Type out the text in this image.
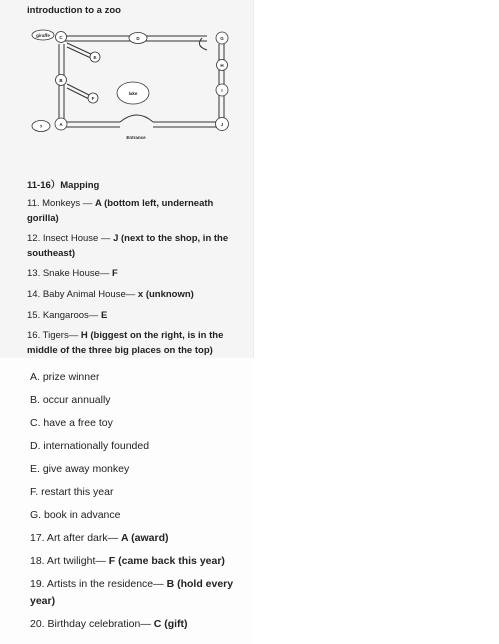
introduction to a zoo
giraffe C	D	G
E
H
B
F
lake
I
?	A	J
Entrance
11-16）Mapping
11. Monkeys — A (bottom left, underneath
gorilla)
12. Insect House — J (next to the shop, in the
southeast)
13. Snake House— F
14. Baby Animal House— x (unknown)
15. Kangaroos— E
16. Tigers— H (biggest on the right, is in the
middle of the three big places on the top)
A. prize winner
B. occur annually
C. have a free toy
D. internationally founded
E. give away monkey
F. restart this year
G. book in advance
17. Art after dark— A (award)
18. Art twilight— F (came back this year)
19. Artists in the residence— B (hold every
year)
20. Birthday celebration— C (gift)
